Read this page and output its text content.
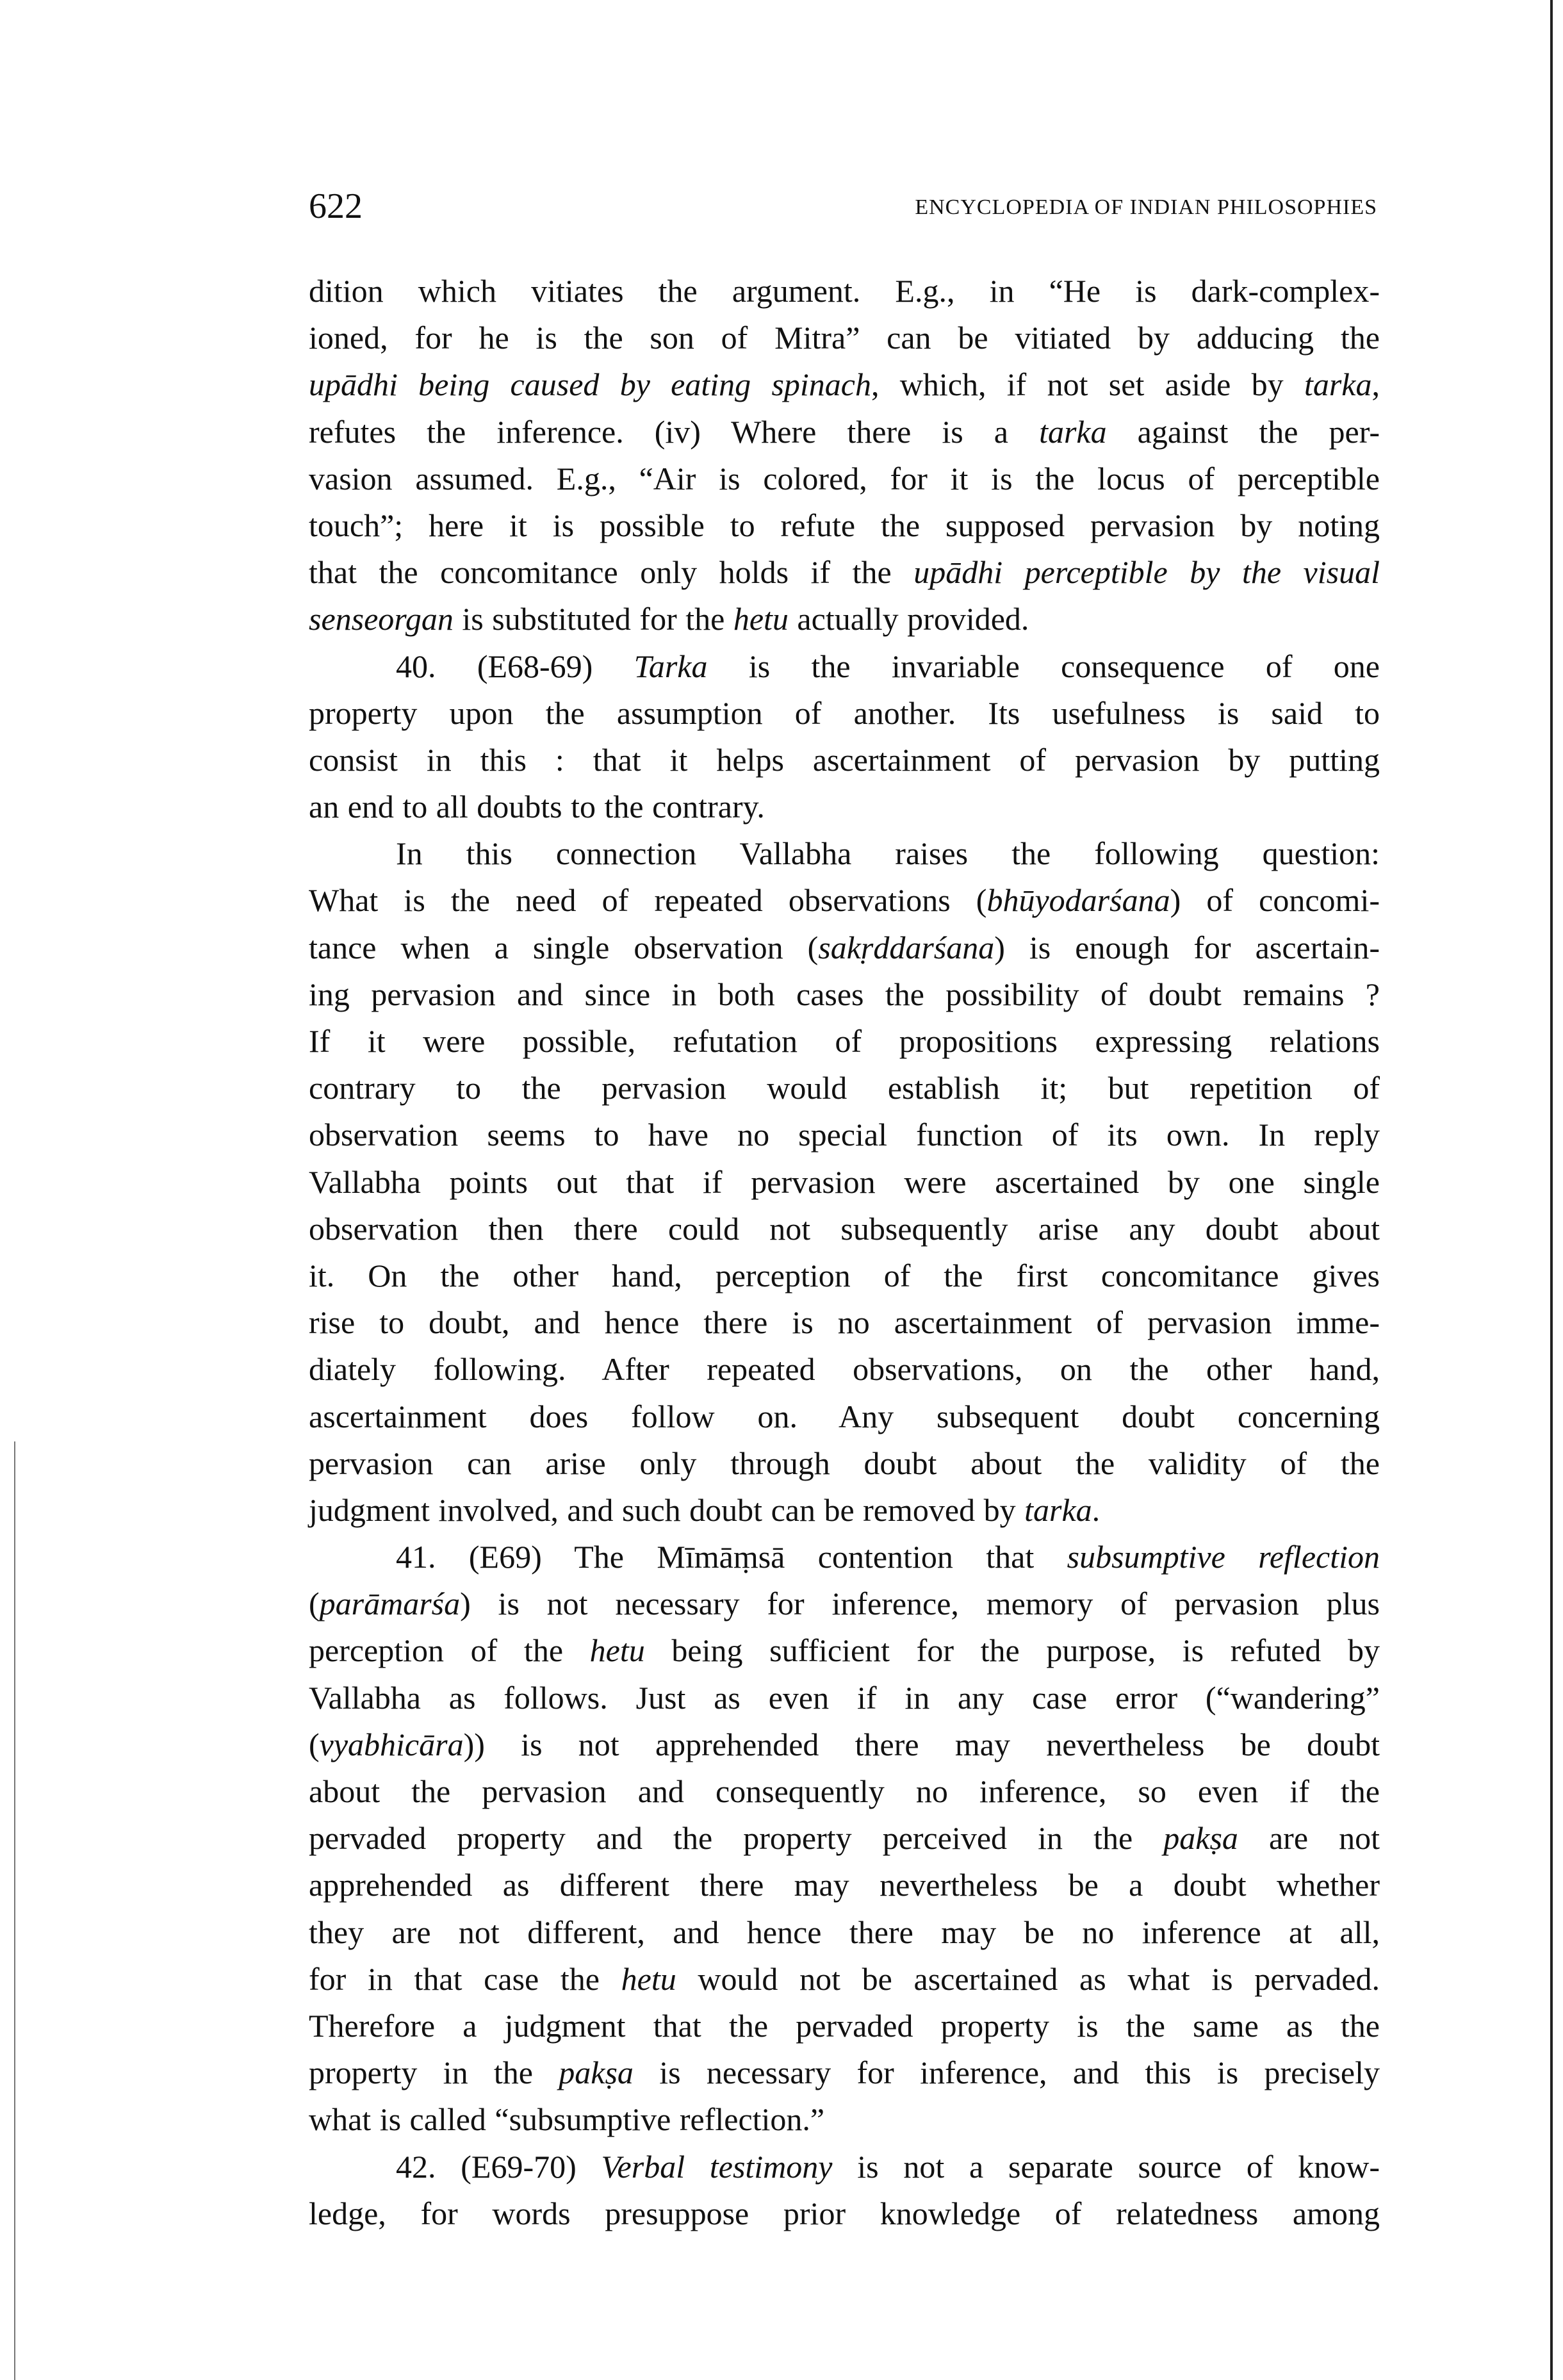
622	ENCYCLOPEDIA OF INDIAN PHILOSOPHIES
dition which vitiates the argument. E.g., in “He is dark-complex-
ioned, for he is the son of Mitra” can be vitiated by adducing the
upādhi being caused by eating spinach, which, if not set aside by tarka,
refutes the inference. (iv) Where there is a tarka against the per-
vasion assumed. E.g., “Air is colored, for it is the locus of perceptible
touch”; here it is possible to refute the supposed pervasion by noting
that the concomitance only holds if the upādhi perceptible by the visual
senseorgan is substituted for the hetu actually provided.
40. (E68-69) Tarka is the invariable consequence of one
property upon the assumption of another. Its usefulness is said to
consist in this : that it helps ascertainment of pervasion by putting
an end to all doubts to the contrary.
In this connection Vallabha raises the following question:
What is the need of repeated observations (bhūyodarśana) of concomi-
tance when a single observation (sakṛddarśana) is enough for ascertain-
ing pervasion and since in both cases the possibility of doubt remains ?
If it were possible, refutation of propositions expressing relations
contrary to the pervasion would establish it; but repetition of
observation seems to have no special function of its own. In reply
Vallabha points out that if pervasion were ascertained by one single
observation then there could not subsequently arise any doubt about
it. On the other hand, perception of the first concomitance gives
rise to doubt, and hence there is no ascertainment of pervasion imme-
diately following. After repeated observations, on the other hand,
ascertainment does follow on. Any subsequent doubt concerning
pervasion can arise only through doubt about the validity of the
judgment involved, and such doubt can be removed by tarka.
41. (E69) The Mīmāṃsā contention that subsumptive reflection
(parāmarśa) is not necessary for inference, memory of pervasion plus
perception of the hetu being sufficient for the purpose, is refuted by
Vallabha as follows. Just as even if in any case error (“wandering”
(vyabhicāra)) is not apprehended there may nevertheless be doubt
about the pervasion and consequently no inference, so even if the
pervaded property and the property perceived in the pakṣa are not
apprehended as different there may nevertheless be a doubt whether
they are not different, and hence there may be no inference at all,
for in that case the hetu would not be ascertained as what is pervaded.
Therefore a judgment that the pervaded property is the same as the
property in the pakṣa is necessary for inference, and this is precisely
what is called “subsumptive reflection.”
42. (E69-70) Verbal testimony is not a separate source of know-
ledge, for words presuppose prior knowledge of relatedness among
